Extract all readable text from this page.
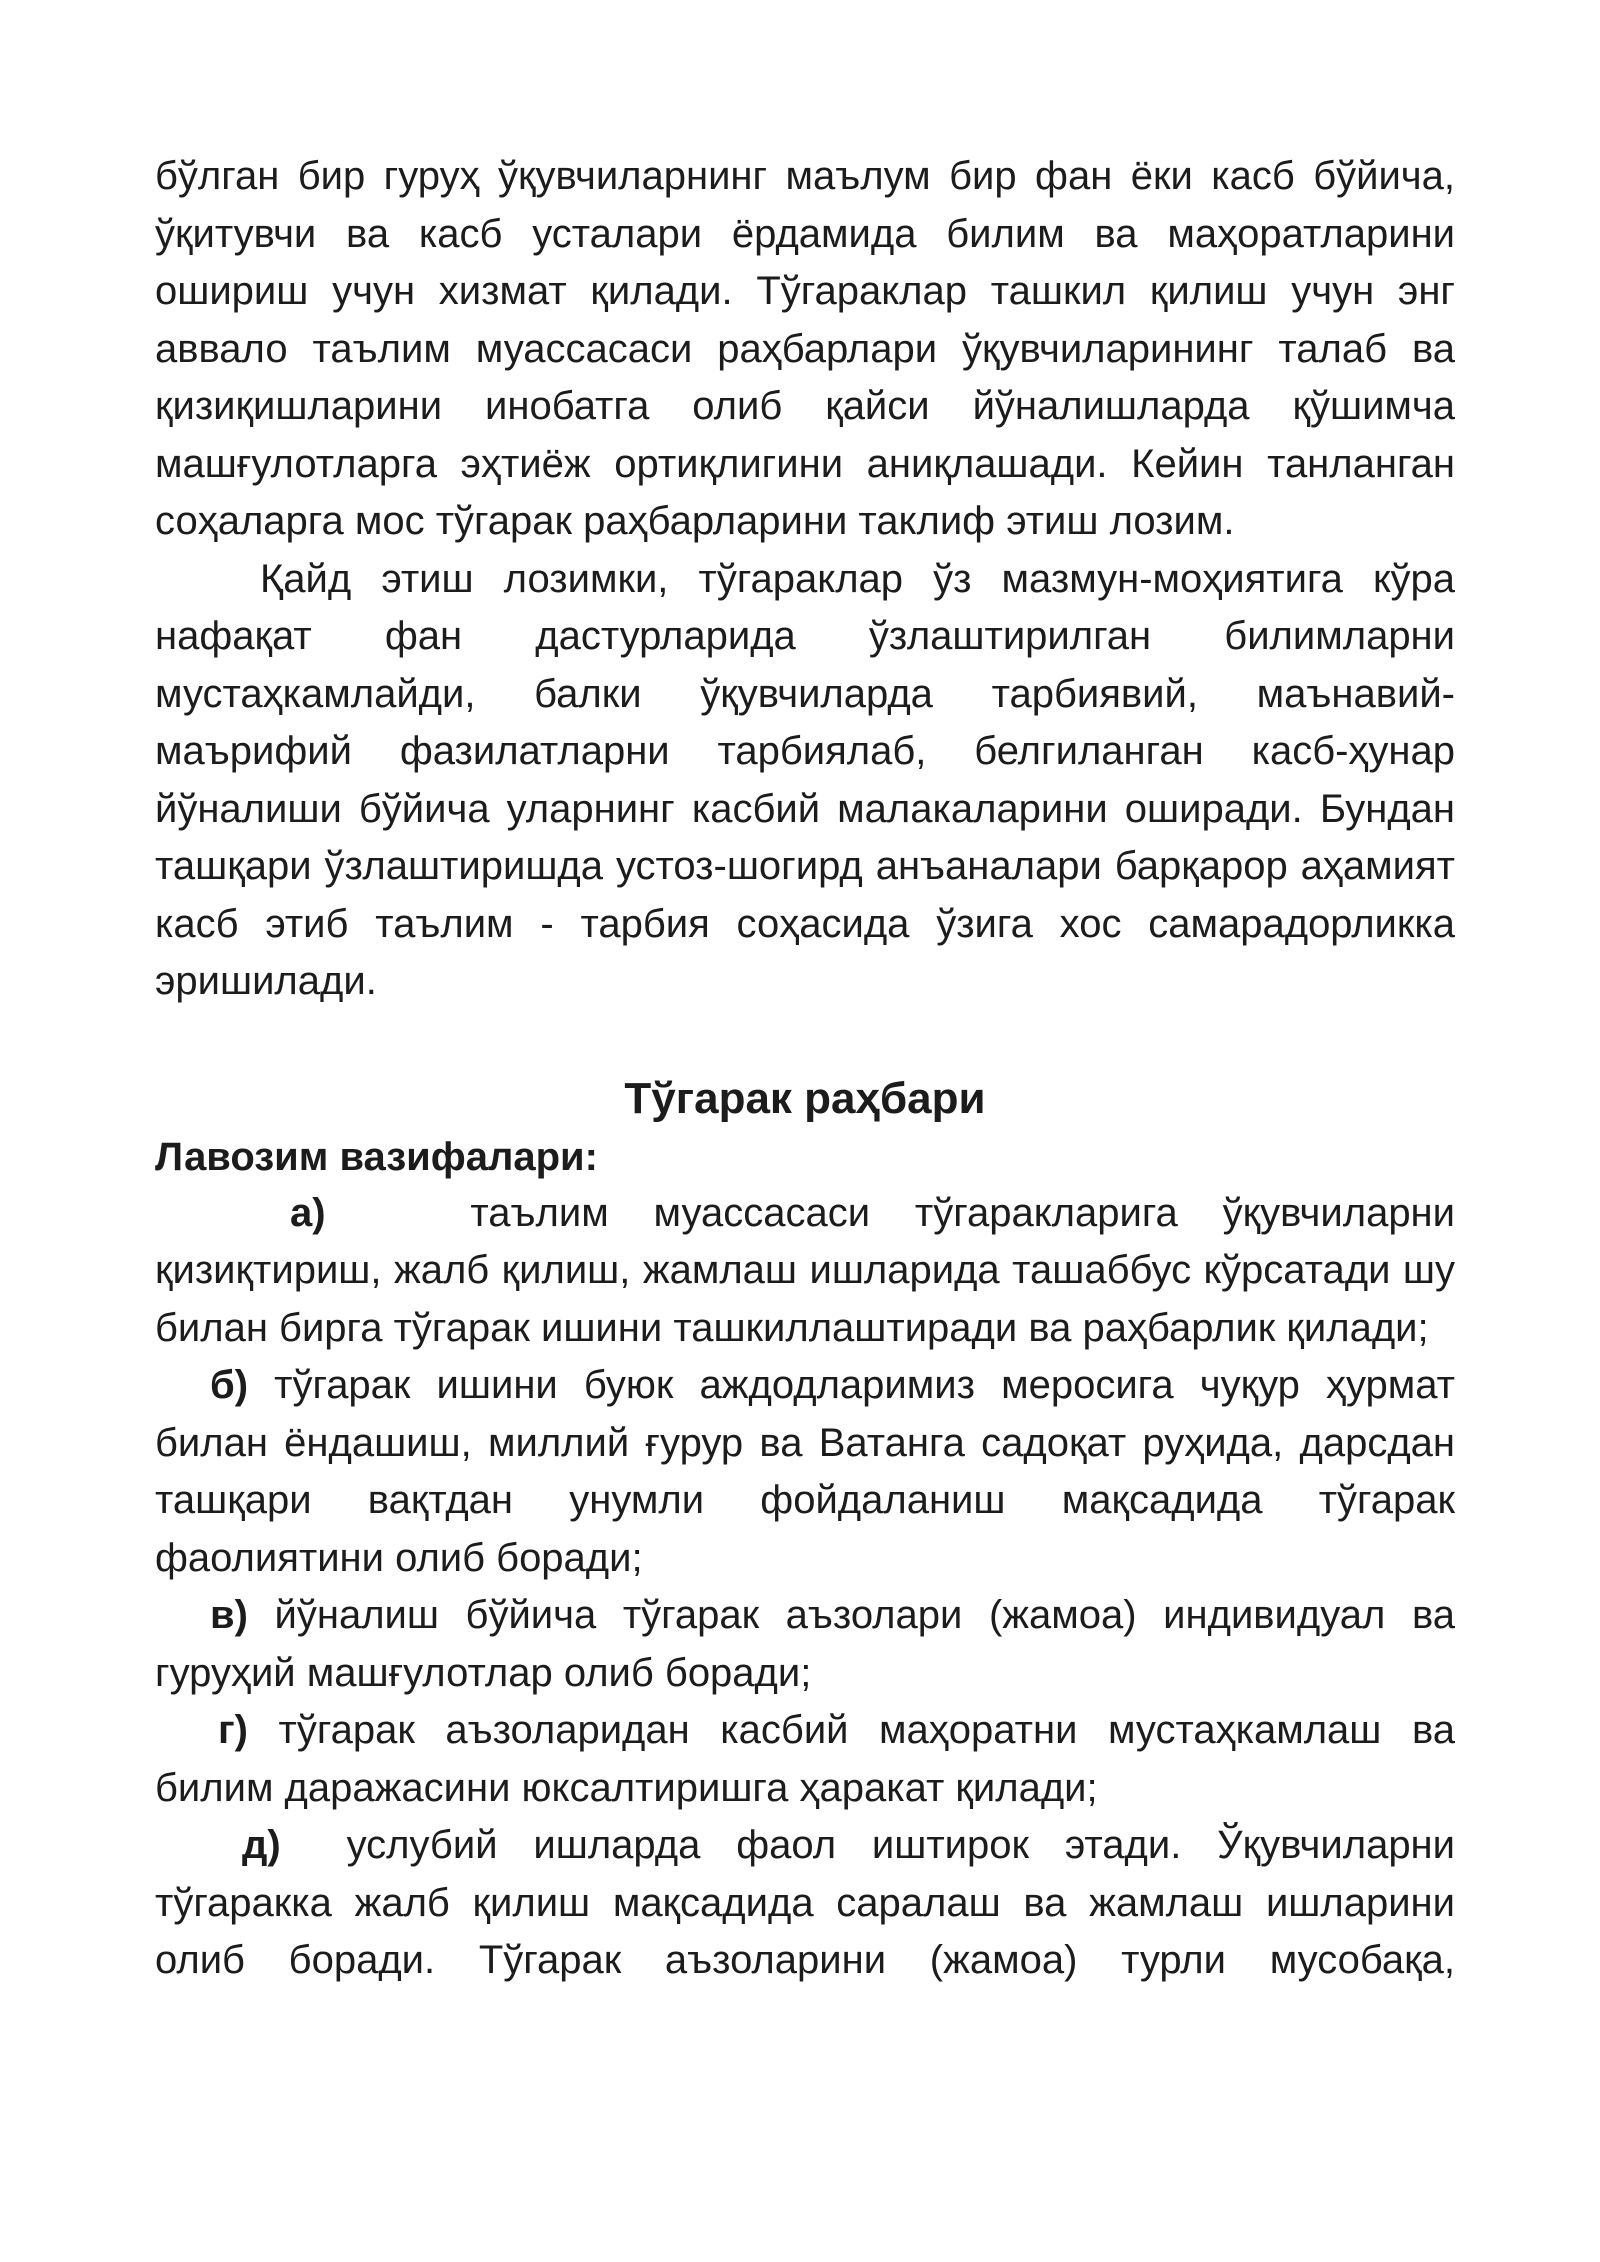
бўлган бир гуруҳ ўқувчиларнинг маълум бир фан ёки касб бўйича, ўқитувчи ва касб усталари ёрдамида билим ва маҳоратларини ошириш учун хизмат қилади. Тўгараклар ташкил қилиш учун энг аввало таълим муассасаси раҳбарлари ўқувчиларининг талаб ва қизиқишларини инобатга олиб қайси йўналишларда қўшимча машғулотларга эҳтиёж ортиқлигини аниқлашади. Кейин танланган соҳаларга мос тўгарак раҳбарларини таклиф этиш лозим.

Қайд этиш лозимки, тўгараклар ўз мазмун-моҳиятига кўра нафақат фан дастурларида ўзлаштирилган билимларни мустаҳкамлайди, балки ўқувчиларда тарбиявий, маънавий-маърифий фазилатларни тарбиялаб, белгиланган касб-ҳунар йўналиши бўйича уларнинг касбий малакаларини оширади. Бундан ташқари ўзлаштиришда устоз-шогирд анъаналари барқарор аҳамият касб этиб таълим - тарбия соҳасида ўзига хос самарадорликка эришилади.

Тўгарак раҳбари

Лавозим вазифалари:

а)	таълим муассасаси тўгаракларига ўқувчиларни қизиқтириш, жалб қилиш, жамлаш ишларида ташаббус кўрсатади шу билан бирга тўгарак ишини ташкиллаштиради ва раҳбарлик қилади;

б) тўгарак ишини буюк аждодларимиз меросига чуқур ҳурмат билан ёндашиш, миллий ғурур ва Ватанга садоқат руҳида, дарсдан ташқари вақтдан унумли фойдаланиш мақсадида тўгарак фаолиятини олиб боради;

в) йўналиш бўйича тўгарак аъзолари (жамоа) индивидуал ва гуруҳий машғулотлар олиб боради;

г) тўгарак аъзоларидан касбий маҳоратни мустаҳкамлаш ва билим даражасини юксалтиришга ҳаракат қилади;

д) услубий ишларда фаол иштирок этади. Ўқувчиларни тўгаракка жалб қилиш мақсадида саралаш ва жамлаш ишларини олиб боради. Тўгарак аъзоларини (жамоа) турли мусобақа,
